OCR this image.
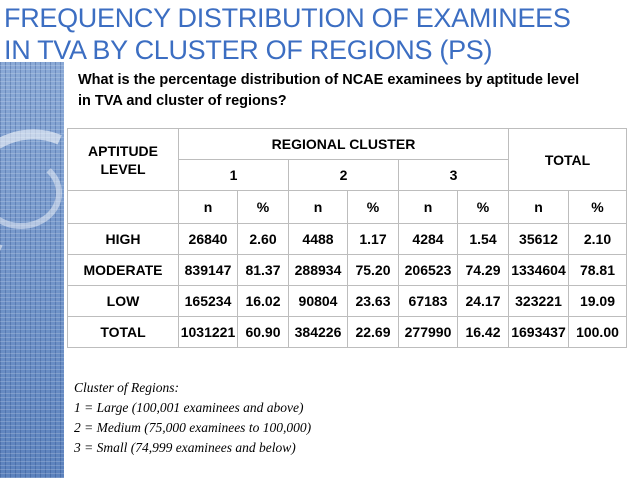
FREQUENCY DISTRIBUTION OF EXAMINEES
IN TVA BY CLUSTER OF REGIONS (PS)
What is the percentage distribution of NCAE examinees by aptitude level
in TVA and cluster of regions?
APTITUDE LEVEL	REGIONAL CLUSTER						TOTAL	
	1		2		3			
	n	%	n	%	n	%	n	%
HIGH	26840	2.60	4488	1.17	4284	1.54	35612	2.10
MODERATE	839147	81.37	288934	75.20	206523	74.29	1334604	78.81
LOW	165234	16.02	90804	23.63	67183	24.17	323221	19.09
TOTAL	1031221	60.90	384226	22.69	277990	16.42	1693437	100.00
Cluster of Regions:
1 = Large (100,001 examinees and above)
2 = Medium (75,000 examinees to 100,000)
3 = Small (74,999 examinees and below)
